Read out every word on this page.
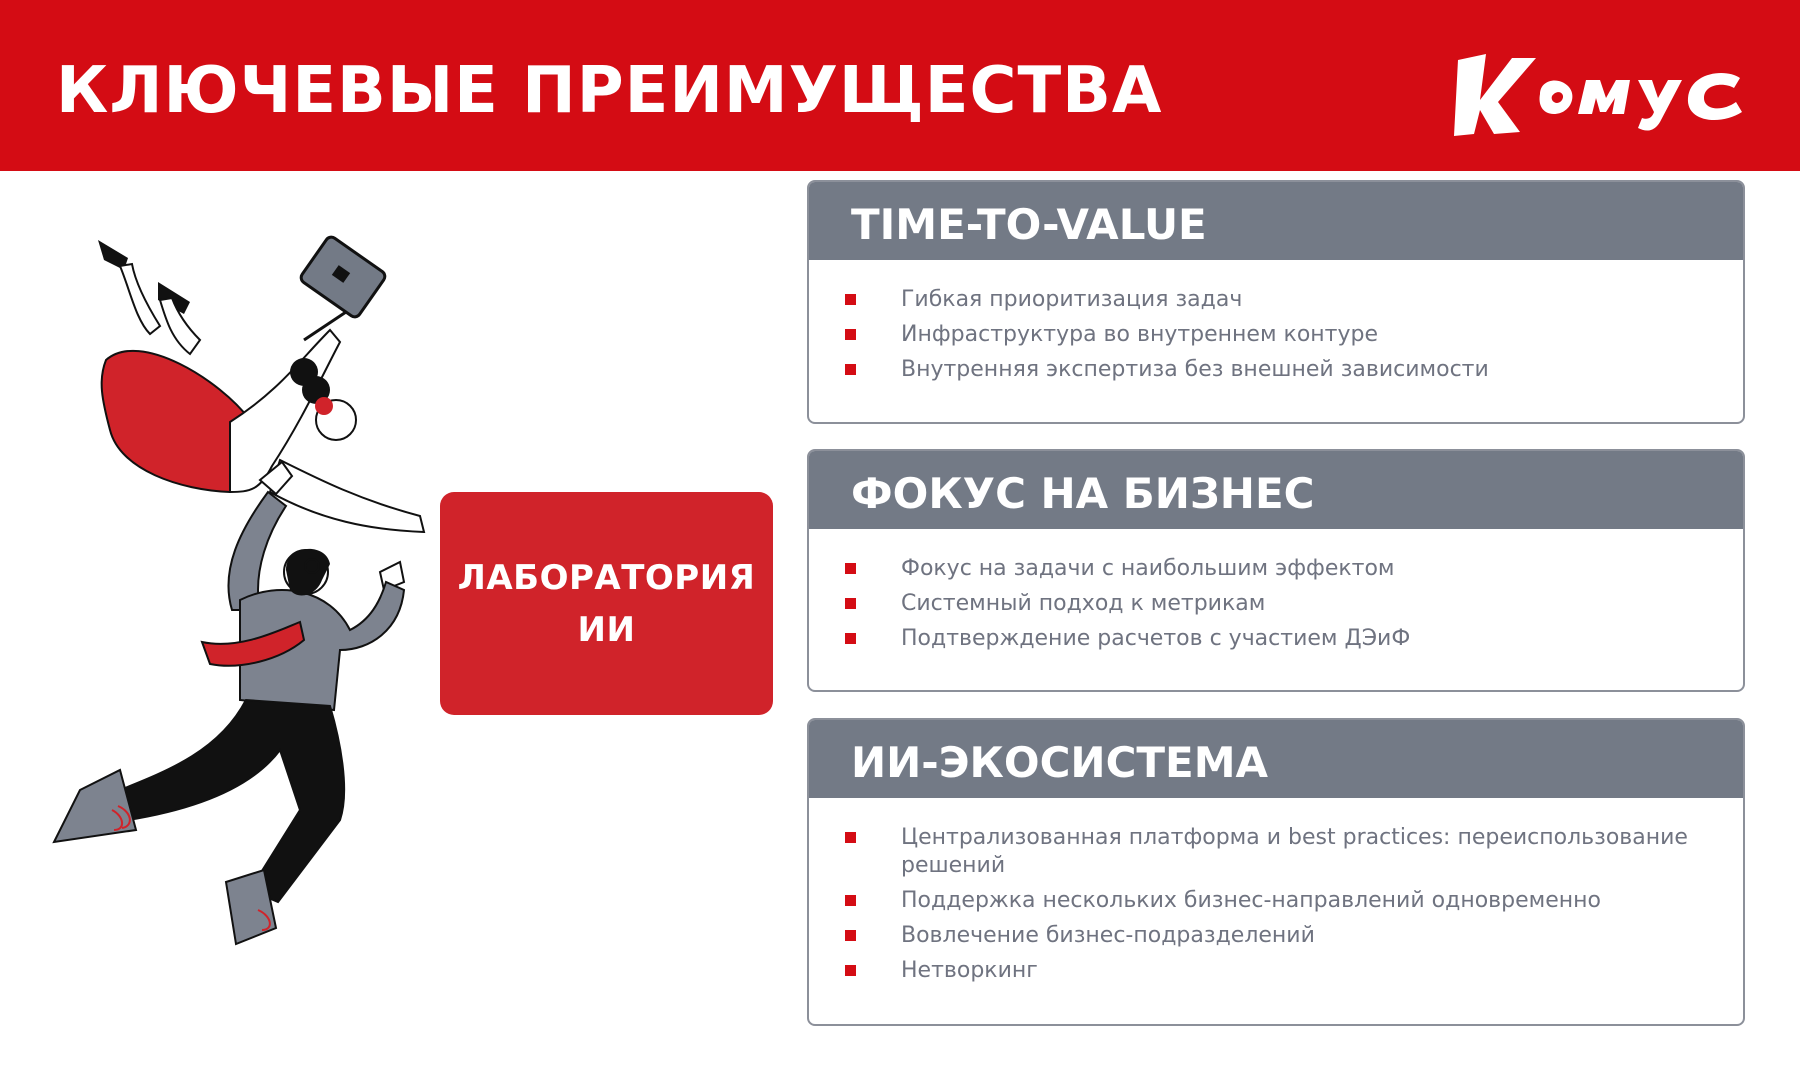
КЛЮЧЕВЫЕ ПРЕИМУЩЕСТВА
ЛАБОРАТОРИЯ ИИ
TIME-TO-VALUE
Гибкая приоритизация задач
Инфраструктура во внутреннем контуре
Внутренняя экспертиза без внешней зависимости
ФОКУС НА БИЗНЕС
Фокус на задачи с наибольшим эффектом
Системный подход к метрикам
Подтверждение расчетов с участием ДЭиФ
ИИ-ЭКОСИСТЕМА
Централизованная платформа и best practices: переиспользование решений
Поддержка нескольких бизнес-направлений одновременно
Вовлечение бизнес-подразделений
Нетворкинг
